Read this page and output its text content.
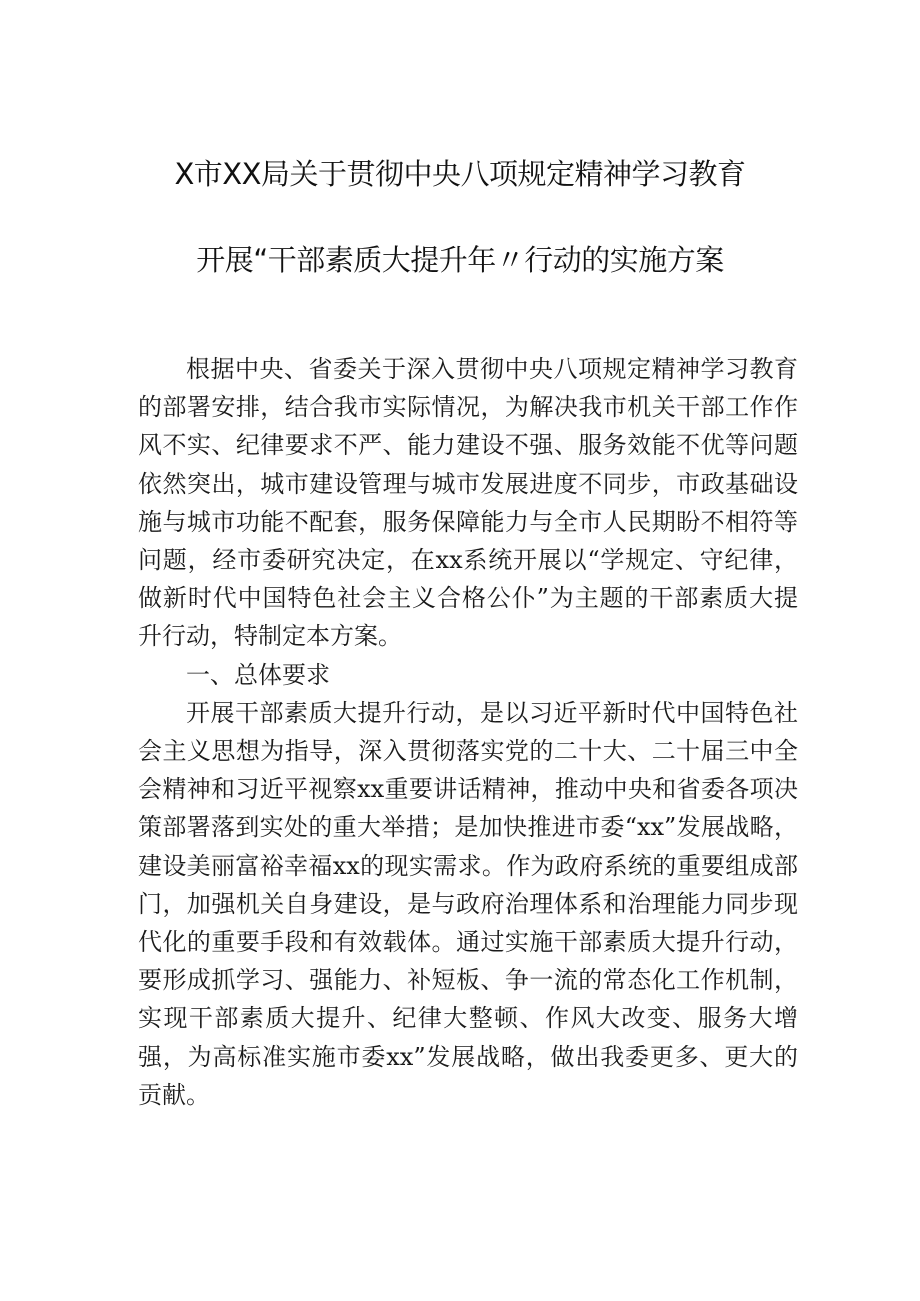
X市XX局关于贯彻中央八项规定精神学习教育
开展“干部素质大提升年〃行动的实施方案

根据中央、省委关于深入贯彻中央八项规定精神学习教育的部署安排，结合我市实际情况，为解决我市机关干部工作作风不实、纪律要求不严、能力建设不强、服务效能不优等问题依然突出，城市建设管理与城市发展进度不同步，市政基础设施与城市功能不配套，服务保障能力与全市人民期盼不相符等问题，经市委研究决定，在xx系统开展以“学规定、守纪律，做新时代中国特色社会主义合格公仆”为主题的干部素质大提升行动，特制定本方案。

一、总体要求

开展干部素质大提升行动，是以习近平新时代中国特色社会主义思想为指导，深入贯彻落实党的二十大、二十届三中全会精神和习近平视察xx重要讲话精神，推动中央和省委各项决策部署落到实处的重大举措；是加快推进市委“xx”发展战略，建设美丽富裕幸福xx的现实需求。作为政府系统的重要组成部门，加强机关自身建设，是与政府治理体系和治理能力同步现代化的重要手段和有效载体。通过实施干部素质大提升行动，要形成抓学习、强能力、补短板、争一流的常态化工作机制，实现干部素质大提升、纪律大整顿、作风大改变、服务大增强，为高标准实施市委xx”发展战略，做出我委更多、更大的贡献。
